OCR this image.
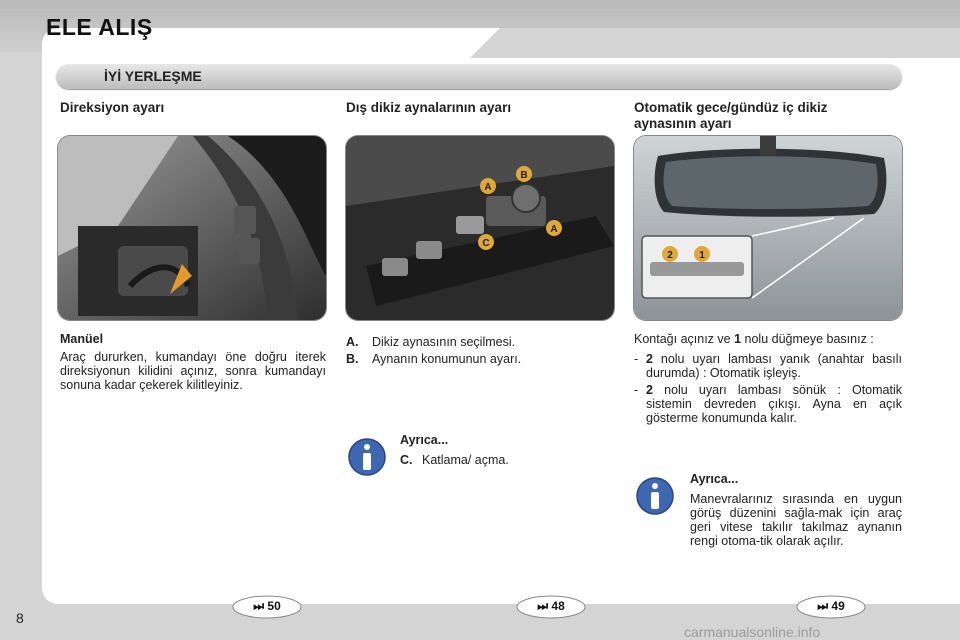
ELE ALIŞ
İYİ YERLEŞME
Direksiyon ayarı	Dış dikiz aynalarının ayarı	Otomatik gece/gündüz iç dikiz
aynasının ayarı
A
B
C
A
2	1
Manüel
Araç dururken, kumandayı öne doğru iterek direksiyonun kilidini açınız, sonra kumandayı sonuna kadar çekerek kilitleyiniz.
A.	Dikiz aynasının seçilmesi.
B.	Aynanın konumunun ayarı.
Ayrıca...
C. Katlama/ açma.
Kontağı açınız ve 1 nolu düğmeye basınız :
- 2 nolu uyarı lambası yanık (anahtar basılı durumda) : Otomatik işleyiş.
- 2 nolu uyarı lambası sönük : Otomatik sistemin devreden çıkışı. Ayna en açık gösterme konumunda kalır.
Ayrıca...
Manevralarınız sırasında en uygun görüş düzenini sağla-mak için araç geri vitese takılır takılmaz aynanın rengi otoma-tik olarak açılır.
⏭ 50	⏭ 48	⏭ 49
8
carmanualsonline.info
